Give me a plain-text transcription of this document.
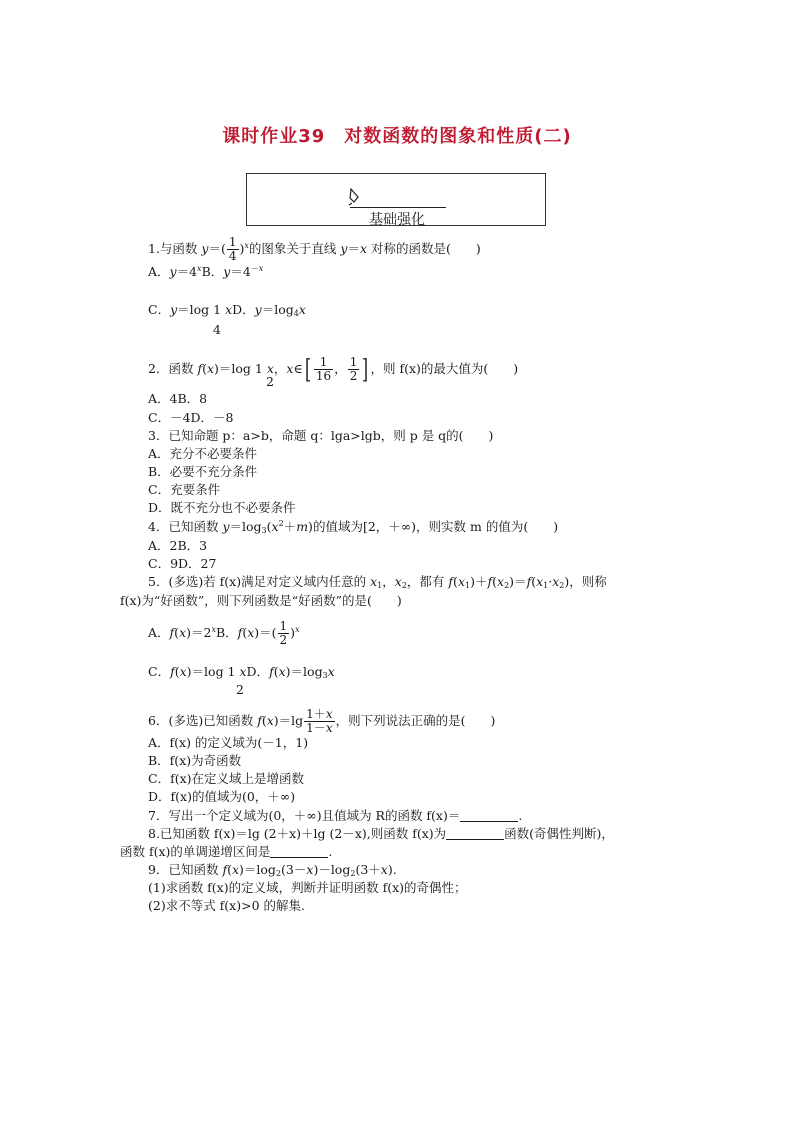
课时作业39　对数函数的图象和性质(二)
基础强化
1.与函数 $y=( \frac{1}{4} )^x$的图象关于直线 y＝x 对称的函数是(　　)
A．$y=4^xB$．$y=4^{-x}$
C．y＝log 1 xD．$y=\log_4x$
4
2．函数 f(x)＝log 1 x，x∈[ $\frac{1}{16}$ ， $\frac{1}{2}$ ] ，则 f(x)的最大值为(　　)
2
A．4B．8
C．－4D．－8
3．已知命题 p：a>b，命题 q：lga>lgb，则 p 是 q的(　　)
A．充分不必要条件
B．必要不充分条件
C．充要条件
D．既不充分也不必要条件
4．已知函数 $y=\log_3(x^2+m)$的值域为[2，＋∞)，则实数 m 的值为(　　)
A．2B．3
C．9D．27
5．(多选)若 f(x)满足对定义域内任意的 $x_1$，$x_2$，都有 $f(x_1)+f(x_2)=f(x_1\cdot x_2)$，则称
f(x)为“好函数”，则下列函数是“好函数”的是(　　)
A．$f(x)=2^xB$．$f(x)=( \frac{1}{2} )^x$
C．f(x)＝log 1 xD．$f(x)=\log_3x$
2
6．(多选)已知函数 $f(x)=\lg \frac{1+x}{1-x}$ ，则下列说法正确的是(　　)
A．f(x) 的定义域为(－1，1)
B．f(x)为奇函数
C．f(x)在定义域上是增函数
D．f(x)的值域为(0，＋∞)
7．写出一个定义域为(0，＋∞)且值域为 R的函数 f(x)＝	.
8.已知函数 f(x)＝lg (2＋x)＋lg (2－x),则函数 f(x)为	函数(奇偶性判断)，
函数 f(x)的单调递增区间是	.
9．已知函数 $f(x)=\log_2(3-x)-\log_2(3+x)$.
(1)求函数 f(x)的定义域，判断并证明函数 f(x)的奇偶性；
(2)求不等式 f(x)>0 的解集.
